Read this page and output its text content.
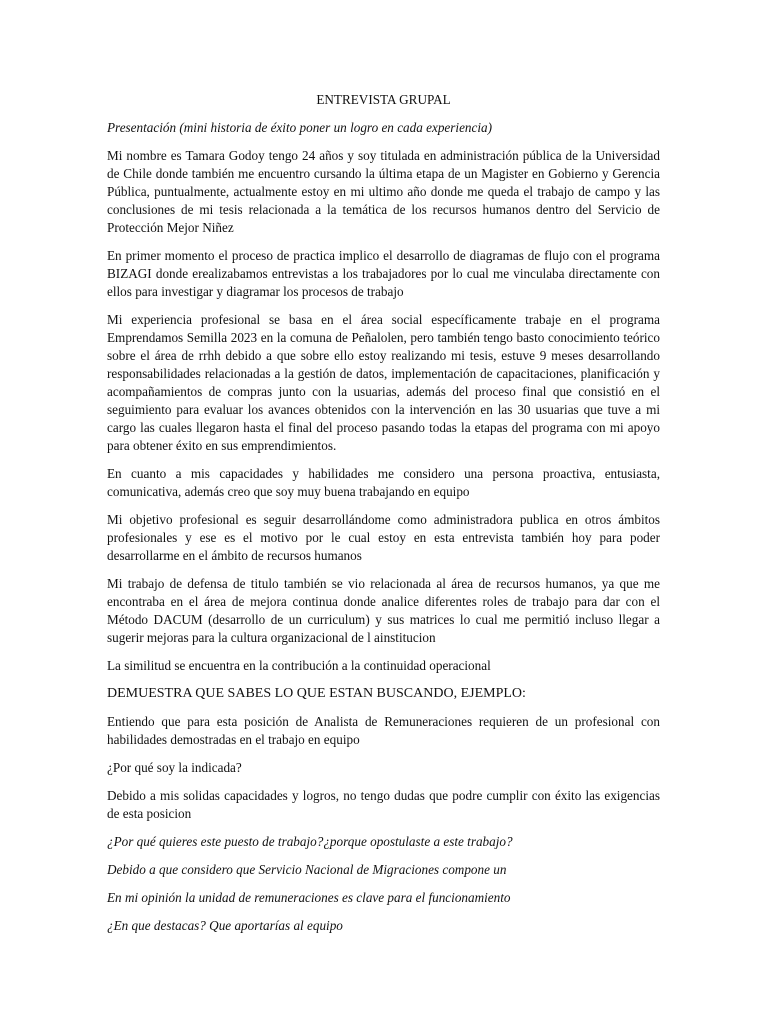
ENTREVISTA GRUPAL

Presentación (mini historia de éxito poner un logro en cada experiencia)

Mi nombre es Tamara Godoy tengo 24 años y soy titulada en administración pública de la Universidad de Chile donde también me encuentro cursando la última etapa de un Magister en Gobierno y Gerencia Pública, puntualmente, actualmente estoy en mi ultimo año donde me queda el trabajo de campo y las conclusiones de mi tesis relacionada a la temática de los recursos humanos dentro del Servicio de Protección Mejor Niñez

En primer momento el proceso de practica implico el desarrollo de diagramas de flujo con el programa BIZAGI donde erealizabamos entrevistas a los trabajadores por lo cual me vinculaba directamente con ellos para investigar y diagramar los procesos de trabajo

Mi experiencia profesional se basa en el área social específicamente trabaje en el programa Emprendamos Semilla 2023 en la comuna de Peñalolen, pero también tengo basto conocimiento teórico sobre el área de rrhh debido a que sobre ello estoy realizando mi tesis, estuve 9 meses desarrollando responsabilidades relacionadas a la gestión de datos, implementación de capacitaciones, planificación y acompañamientos de compras junto con la usuarias, además del proceso final que consistió en el seguimiento para evaluar los avances obtenidos con la intervención en las 30 usuarias que tuve a mi cargo las cuales llegaron hasta el final del proceso pasando todas la etapas del programa con mi apoyo para obtener éxito en sus emprendimientos.

En cuanto a mis capacidades y habilidades me considero una persona proactiva, entusiasta, comunicativa, además creo que soy muy buena trabajando en equipo

Mi objetivo profesional es seguir desarrollándome como administradora publica en otros ámbitos profesionales y ese es el motivo por le cual estoy en esta entrevista también hoy para poder desarrollarme en el ámbito de recursos humanos

Mi trabajo de defensa de titulo también se vio relacionada al área de recursos humanos, ya que me encontraba en el área de mejora continua donde analice diferentes roles de trabajo para dar con el Método DACUM (desarrollo de un curriculum) y sus matrices lo cual me permitió incluso llegar a sugerir mejoras para la cultura organizacional de l ainstitucion

La similitud se encuentra en la contribución a la continuidad operacional

DEMUESTRA QUE SABES LO QUE ESTAN BUSCANDO, EJEMPLO:

Entiendo que para esta posición de Analista de Remuneraciones requieren de un profesional con habilidades demostradas en el trabajo en equipo

¿Por qué soy la indicada?

Debido a mis solidas capacidades y logros, no tengo dudas que podre cumplir con éxito las exigencias de esta posicion

¿Por qué quieres este puesto de trabajo?¿porque opostulaste a este trabajo?

Debido a que considero que Servicio Nacional de Migraciones compone un

En mi opinión la unidad de remuneraciones es clave para el funcionamiento

¿En que destacas? Que aportarías al equipo
